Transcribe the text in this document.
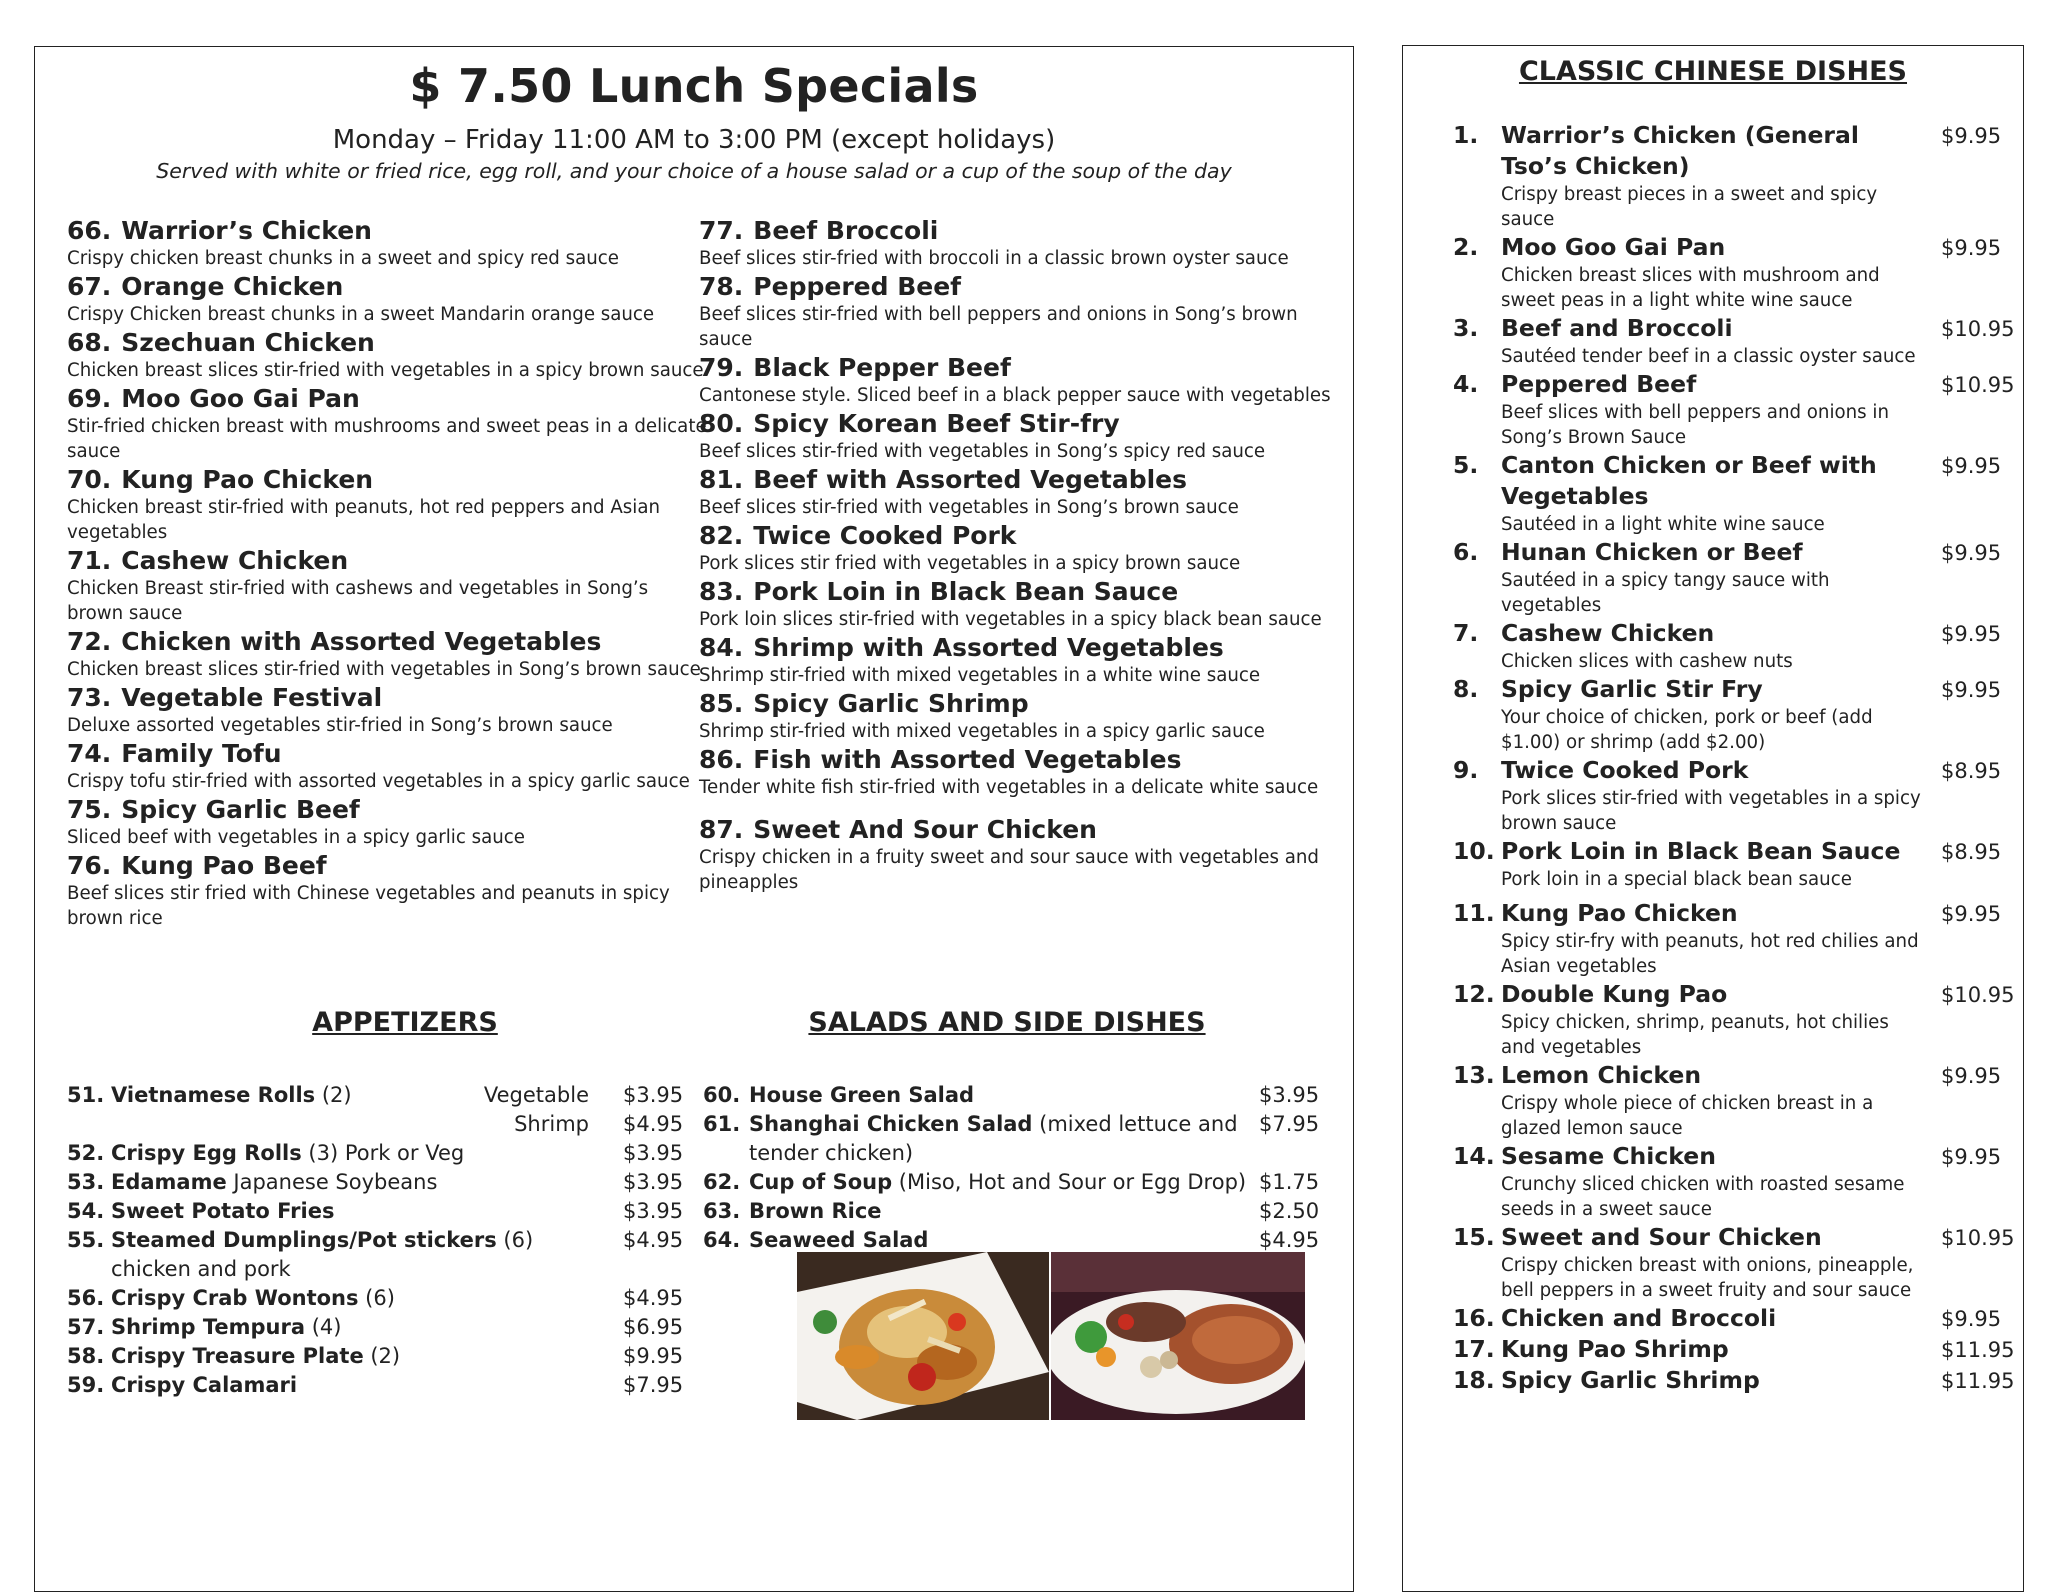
$ 7.50 Lunch Specials
Monday – Friday 11:00 AM to 3:00 PM (except holidays)
Served with white or fried rice, egg roll, and your choice of a house salad or a cup of the soup of the day
66. Warrior’s Chicken
Crispy chicken breast chunks in a sweet and spicy red sauce
67. Orange Chicken
Crispy Chicken breast chunks in a sweet Mandarin orange sauce
68. Szechuan Chicken
Chicken breast slices stir-fried with vegetables in a spicy brown sauce
69. Moo Goo Gai Pan
Stir-fried chicken breast with mushrooms and sweet peas in a delicate sauce
70. Kung Pao Chicken
Chicken breast stir-fried with peanuts, hot red peppers and Asian vegetables
71. Cashew Chicken
Chicken Breast stir-fried with cashews and vegetables in Song’s brown sauce
72. Chicken with Assorted Vegetables
Chicken breast slices stir-fried with vegetables in Song’s brown sauce
73. Vegetable Festival
Deluxe assorted vegetables stir-fried in Song’s brown sauce
74. Family Tofu
Crispy tofu stir-fried with assorted vegetables in a spicy garlic sauce
75. Spicy Garlic Beef
Sliced beef with vegetables in a spicy garlic sauce
76. Kung Pao Beef
Beef slices stir fried with Chinese vegetables and peanuts in spicy brown rice
77. Beef Broccoli
Beef slices stir-fried with broccoli in a classic brown oyster sauce
78. Peppered Beef
Beef slices stir-fried with bell peppers and onions in Song’s brown sauce
79. Black Pepper Beef
Cantonese style. Sliced beef in a black pepper sauce with vegetables
80. Spicy Korean Beef Stir-fry
Beef slices stir-fried with vegetables in Song’s spicy red sauce
81. Beef with Assorted Vegetables
Beef slices stir-fried with vegetables in Song’s brown sauce
82. Twice Cooked Pork
Pork slices stir fried with vegetables in a spicy brown sauce
83. Pork Loin in Black Bean Sauce
Pork loin slices stir-fried with vegetables in a spicy black bean sauce
84. Shrimp with Assorted Vegetables
Shrimp stir-fried with mixed vegetables in a white wine sauce
85. Spicy Garlic Shrimp
Shrimp stir-fried with mixed vegetables in a spicy garlic sauce
86. Fish with Assorted Vegetables
Tender white fish stir-fried with vegetables in a delicate white sauce
87. Sweet And Sour Chicken
Crispy chicken in a fruity sweet and sour sauce with vegetables and pineapples
APPETIZERS	SALADS AND SIDE DISHES
51. Vietnamese Rolls (2)	Vegetable $3.95
Shrimp $4.95
52. Crispy Egg Rolls (3) Pork or Veg	$3.95
53. Edamame Japanese Soybeans	$3.95
54. Sweet Potato Fries	$3.95
55. Steamed Dumplings/Pot stickers (6)	$4.95
chicken and pork
56. Crispy Crab Wontons (6)	$4.95
57. Shrimp Tempura (4)	$6.95
58. Crispy Treasure Plate (2)	$9.95
59. Crispy Calamari	$7.95
60. House Green Salad	$3.95
61. Shanghai Chicken Salad (mixed lettuce and $7.95
tender chicken)
62. Cup of Soup (Miso, Hot and Sour or Egg Drop) $1.75
63. Brown Rice	$2.50
64. Seaweed Salad	$4.95
CLASSIC CHINESE DISHES
1. Warrior’s Chicken (General Tso’s Chicken)
Crispy breast pieces in a sweet and spicy sauce
$9.95
2. Moo Goo Gai Pan
Chicken breast slices with mushroom and sweet peas in a light white wine sauce
$9.95
3. Beef and Broccoli
Sautéed tender beef in a classic oyster sauce
$10.95
4. Peppered Beef
Beef slices with bell peppers and onions in Song’s Brown Sauce
$10.95
5. Canton Chicken or Beef with Vegetables
Sautéed in a light white wine sauce
$9.95
6. Hunan Chicken or Beef
Sautéed in a spicy tangy sauce with vegetables
$9.95
7. Cashew Chicken
Chicken slices with cashew nuts
$9.95
8. Spicy Garlic Stir Fry
Your choice of chicken, pork or beef (add $1.00) or shrimp (add $2.00)
$9.95
9. Twice Cooked Pork
Pork slices stir-fried with vegetables in a spicy brown sauce
$8.95
10. Pork Loin in Black Bean Sauce
Pork loin in a special black bean sauce
$8.95
11. Kung Pao Chicken
Spicy stir-fry with peanuts, hot red chilies and Asian vegetables
$9.95
12. Double Kung Pao
Spicy chicken, shrimp, peanuts, hot chilies and vegetables
$10.95
13. Lemon Chicken
Crispy whole piece of chicken breast in a glazed lemon sauce
$9.95
14. Sesame Chicken
Crunchy sliced chicken with roasted sesame seeds in a sweet sauce
$9.95
15. Sweet and Sour Chicken
Crispy chicken breast with onions, pineapple, bell peppers in a sweet fruity and sour sauce
$10.95
16. Chicken and Broccoli	$9.95
17. Kung Pao Shrimp	$11.95
18. Spicy Garlic Shrimp	$11.95
